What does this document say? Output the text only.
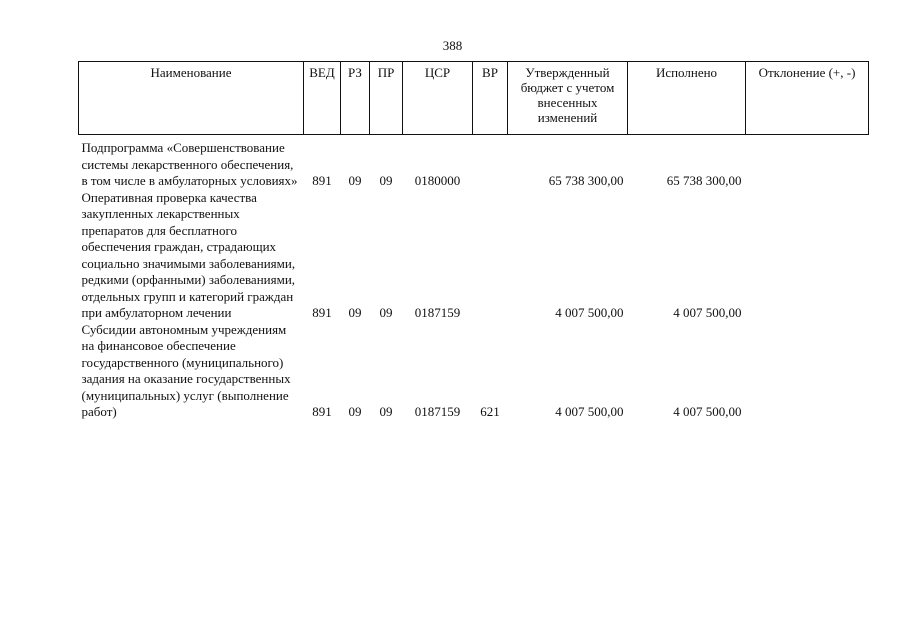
388
Наименование	ВЕД	РЗ	ПР	ЦСР	ВР	Утвержденный бюджет с учетом внесенных изменений	Исполнено	Отклонение (+, -)
Подпрограмма «Совершенствование системы лекарственного обеспечения, в том числе в амбулаторных условиях»	891	09	09	0180000		65 738 300,00	65 738 300,00	
Оперативная проверка качества закупленных лекарственных препаратов для бесплатного обеспечения граждан, страдающих социально значимыми заболеваниями, редкими (орфанными) заболеваниями, отдельных групп и категорий граждан при амбулаторном лечении	891	09	09	0187159		4 007 500,00	4 007 500,00	
Субсидии автономным учреждениям на финансовое обеспечение государственного (муниципального) задания на оказание государственных (муниципальных) услуг (выполнение работ)	891	09	09	0187159	621	4 007 500,00	4 007 500,00	
